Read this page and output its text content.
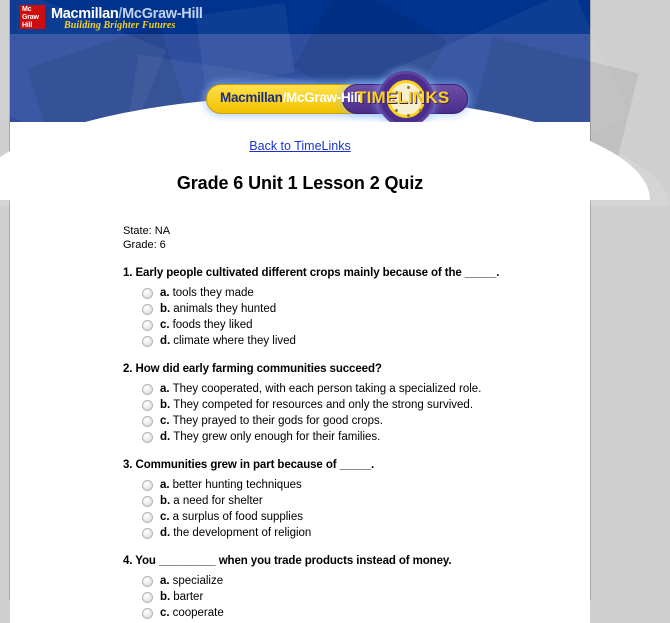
Mc
Graw
Hill
Macmillan/McGraw-Hill
Building Brighter Futures
Macmillan/McGraw-Hill
TIMELINKS
Back to TimeLinks
Grade 6 Unit 1 Lesson 2 Quiz
State: NA
Grade: 6
1. Early people cultivated different crops mainly because of the _____.
a. tools they made
b. animals they hunted
c. foods they liked
d. climate where they lived
2. How did early farming communities succeed?
a. They cooperated, with each person taking a specialized role.
b. They competed for resources and only the strong survived.
c. They prayed to their gods for good crops.
d. They grew only enough for their families.
3. Communities grew in part because of _____.
a. better hunting techniques
b. a need for shelter
c. a surplus of food supplies
d. the development of religion
4. You _________ when you trade products instead of money.
a. specialize
b. barter
c. cooperate
